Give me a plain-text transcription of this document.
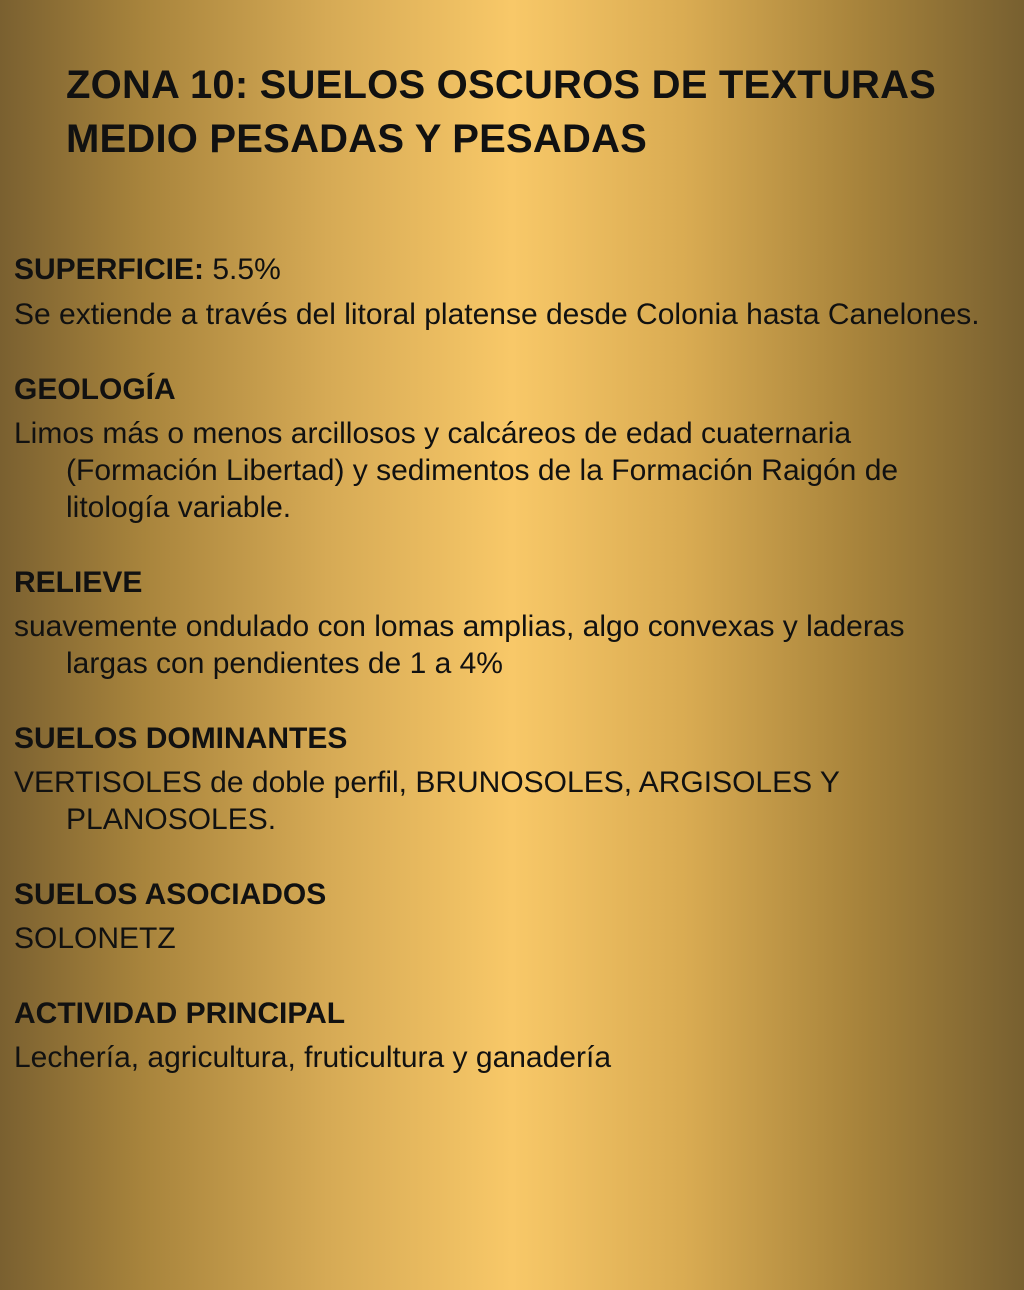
ZONA 10: SUELOS OSCUROS DE TEXTURAS MEDIO PESADAS Y PESADAS

SUPERFICIE: 5.5%

Se extiende a través del litoral platense desde Colonia hasta Canelones.

GEOLOGÍA

Limos más o menos arcillosos y calcáreos de edad cuaternaria (Formación Libertad) y sedimentos de la Formación Raigón de litología variable.

RELIEVE

suavemente ondulado con lomas amplias, algo convexas y laderas largas con pendientes de 1 a 4%

SUELOS DOMINANTES

VERTISOLES de doble perfil, BRUNOSOLES, ARGISOLES Y PLANOSOLES.

SUELOS ASOCIADOS

SOLONETZ

ACTIVIDAD PRINCIPAL

Lechería, agricultura, fruticultura y ganadería
